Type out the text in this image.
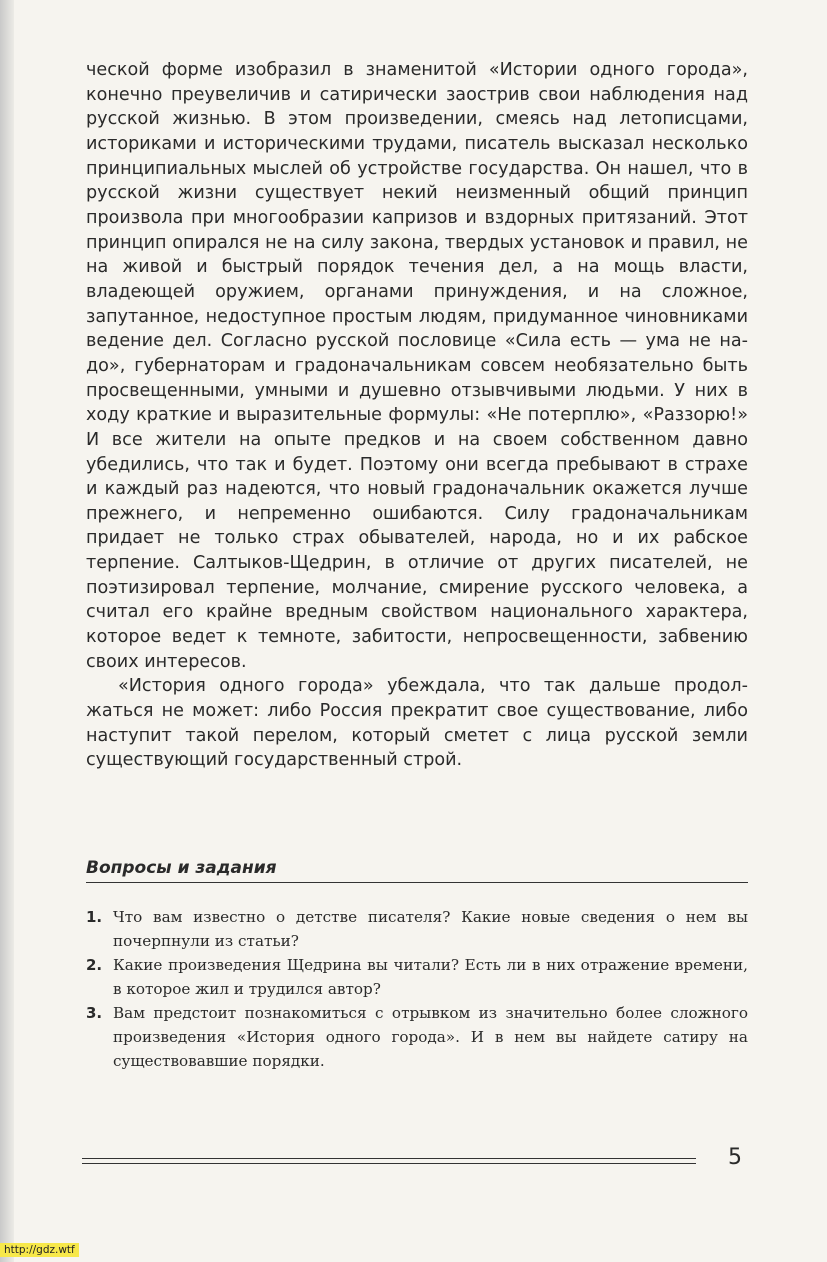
ческой форме изобразил в знаменитой «Истории одного города», конечно преувеличив и сатирически заострив свои наблюдения над русской жизнью. В этом произведении, смеясь над летописцами, историками и историческими трудами, писатель высказал несколько принципиальных мыслей об устройстве государства. Он нашел, что в русской жизни существует некий неизменный общий принцип произвола при многообразии капризов и вздорных притязаний. Этот принцип опирался не на силу закона, твердых установок и правил, не на живой и быстрый порядок течения дел, а на мощь власти, владеющей оружием, органами принуждения, и на сложное, запутанное, недоступное простым людям, придуманное чиновниками ведение дел. Согласно русской пословице «Сила есть — ума не надо», губернаторам и градоначальникам совсем необязательно быть просвещенными, умными и душевно отзывчивыми людьми. У них в ходу краткие и выразительные формулы: «Не потерплю», «Раззорю!» И все жители на опыте предков и на своем собственном давно убедились, что так и будет. Поэтому они всегда пребывают в страхе и каждый раз надеются, что новый градоначальник окажется лучше прежнего, и непременно ошибаются. Силу градоначальникам придает не только страх обывателей, народа, но и их рабское терпение. Салтыков-Щедрин, в отличие от других писателей, не поэтизировал терпение, молчание, смирение русского человека, а считал его крайне вредным свойством национального характера, которое ведет к темноте, забитости, непросвещенности, забвению своих интересов.

«История одного города» убеждала, что так дальше продолжаться не может: либо Россия прекратит свое существование, либо наступит такой перелом, который сметет с лица русской земли существующий государственный строй.

Вопросы и задания
1. Что вам известно о детстве писателя? Какие новые сведения о нем вы почерпнули из статьи?
2. Какие произведения Щедрина вы читали? Есть ли в них отражение времени, в которое жил и трудился автор?
3. Вам предстоит познакомиться с отрывком из значительно более сложного произведения «История одного города». И в нем вы найдете сатиру на существовавшие порядки.
5
http://gdz.wtf
